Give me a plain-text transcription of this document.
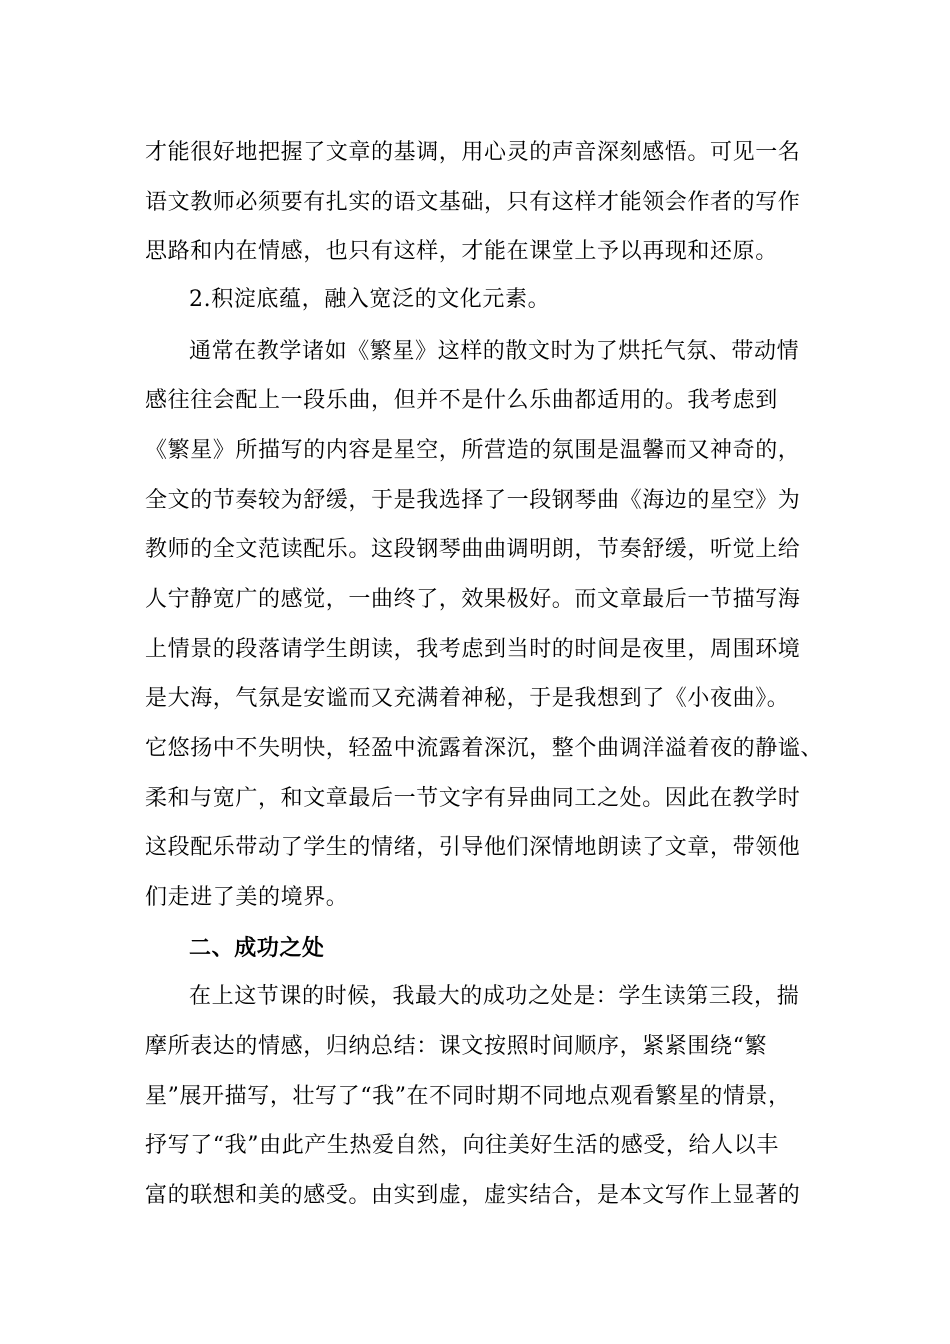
才能很好地把握了文章的基调，用心灵的声音深刻感悟。可见一名
语文教师必须要有扎实的语文基础，只有这样才能领会作者的写作
思路和内在情感，也只有这样，才能在课堂上予以再现和还原。
2.积淀底蕴，融入宽泛的文化元素。
通常在教学诸如《繁星》这样的散文时为了烘托气氛、带动情
感往往会配上一段乐曲，但并不是什么乐曲都适用的。我考虑到
《繁星》所描写的内容是星空，所营造的氛围是温馨而又神奇的，
全文的节奏较为舒缓，于是我选择了一段钢琴曲《海边的星空》为
教师的全文范读配乐。这段钢琴曲曲调明朗，节奏舒缓，听觉上给
人宁静宽广的感觉，一曲终了，效果极好。而文章最后一节描写海
上情景的段落请学生朗读，我考虑到当时的时间是夜里，周围环境
是大海，气氛是安谧而又充满着神秘，于是我想到了《小夜曲》。
它悠扬中不失明快，轻盈中流露着深沉，整个曲调洋溢着夜的静谧、
柔和与宽广，和文章最后一节文字有异曲同工之处。因此在教学时
这段配乐带动了学生的情绪，引导他们深情地朗读了文章，带领他
们走进了美的境界。
二、成功之处
在上这节课的时候，我最大的成功之处是：学生读第三段，揣
摩所表达的情感，归纳总结：课文按照时间顺序，紧紧围绕“繁
星”展开描写，壮写了“我”在不同时期不同地点观看繁星的情景，
抒写了“我”由此产生热爱自然，向往美好生活的感受，给人以丰
富的联想和美的感受。由实到虚，虚实结合，是本文写作上显著的
